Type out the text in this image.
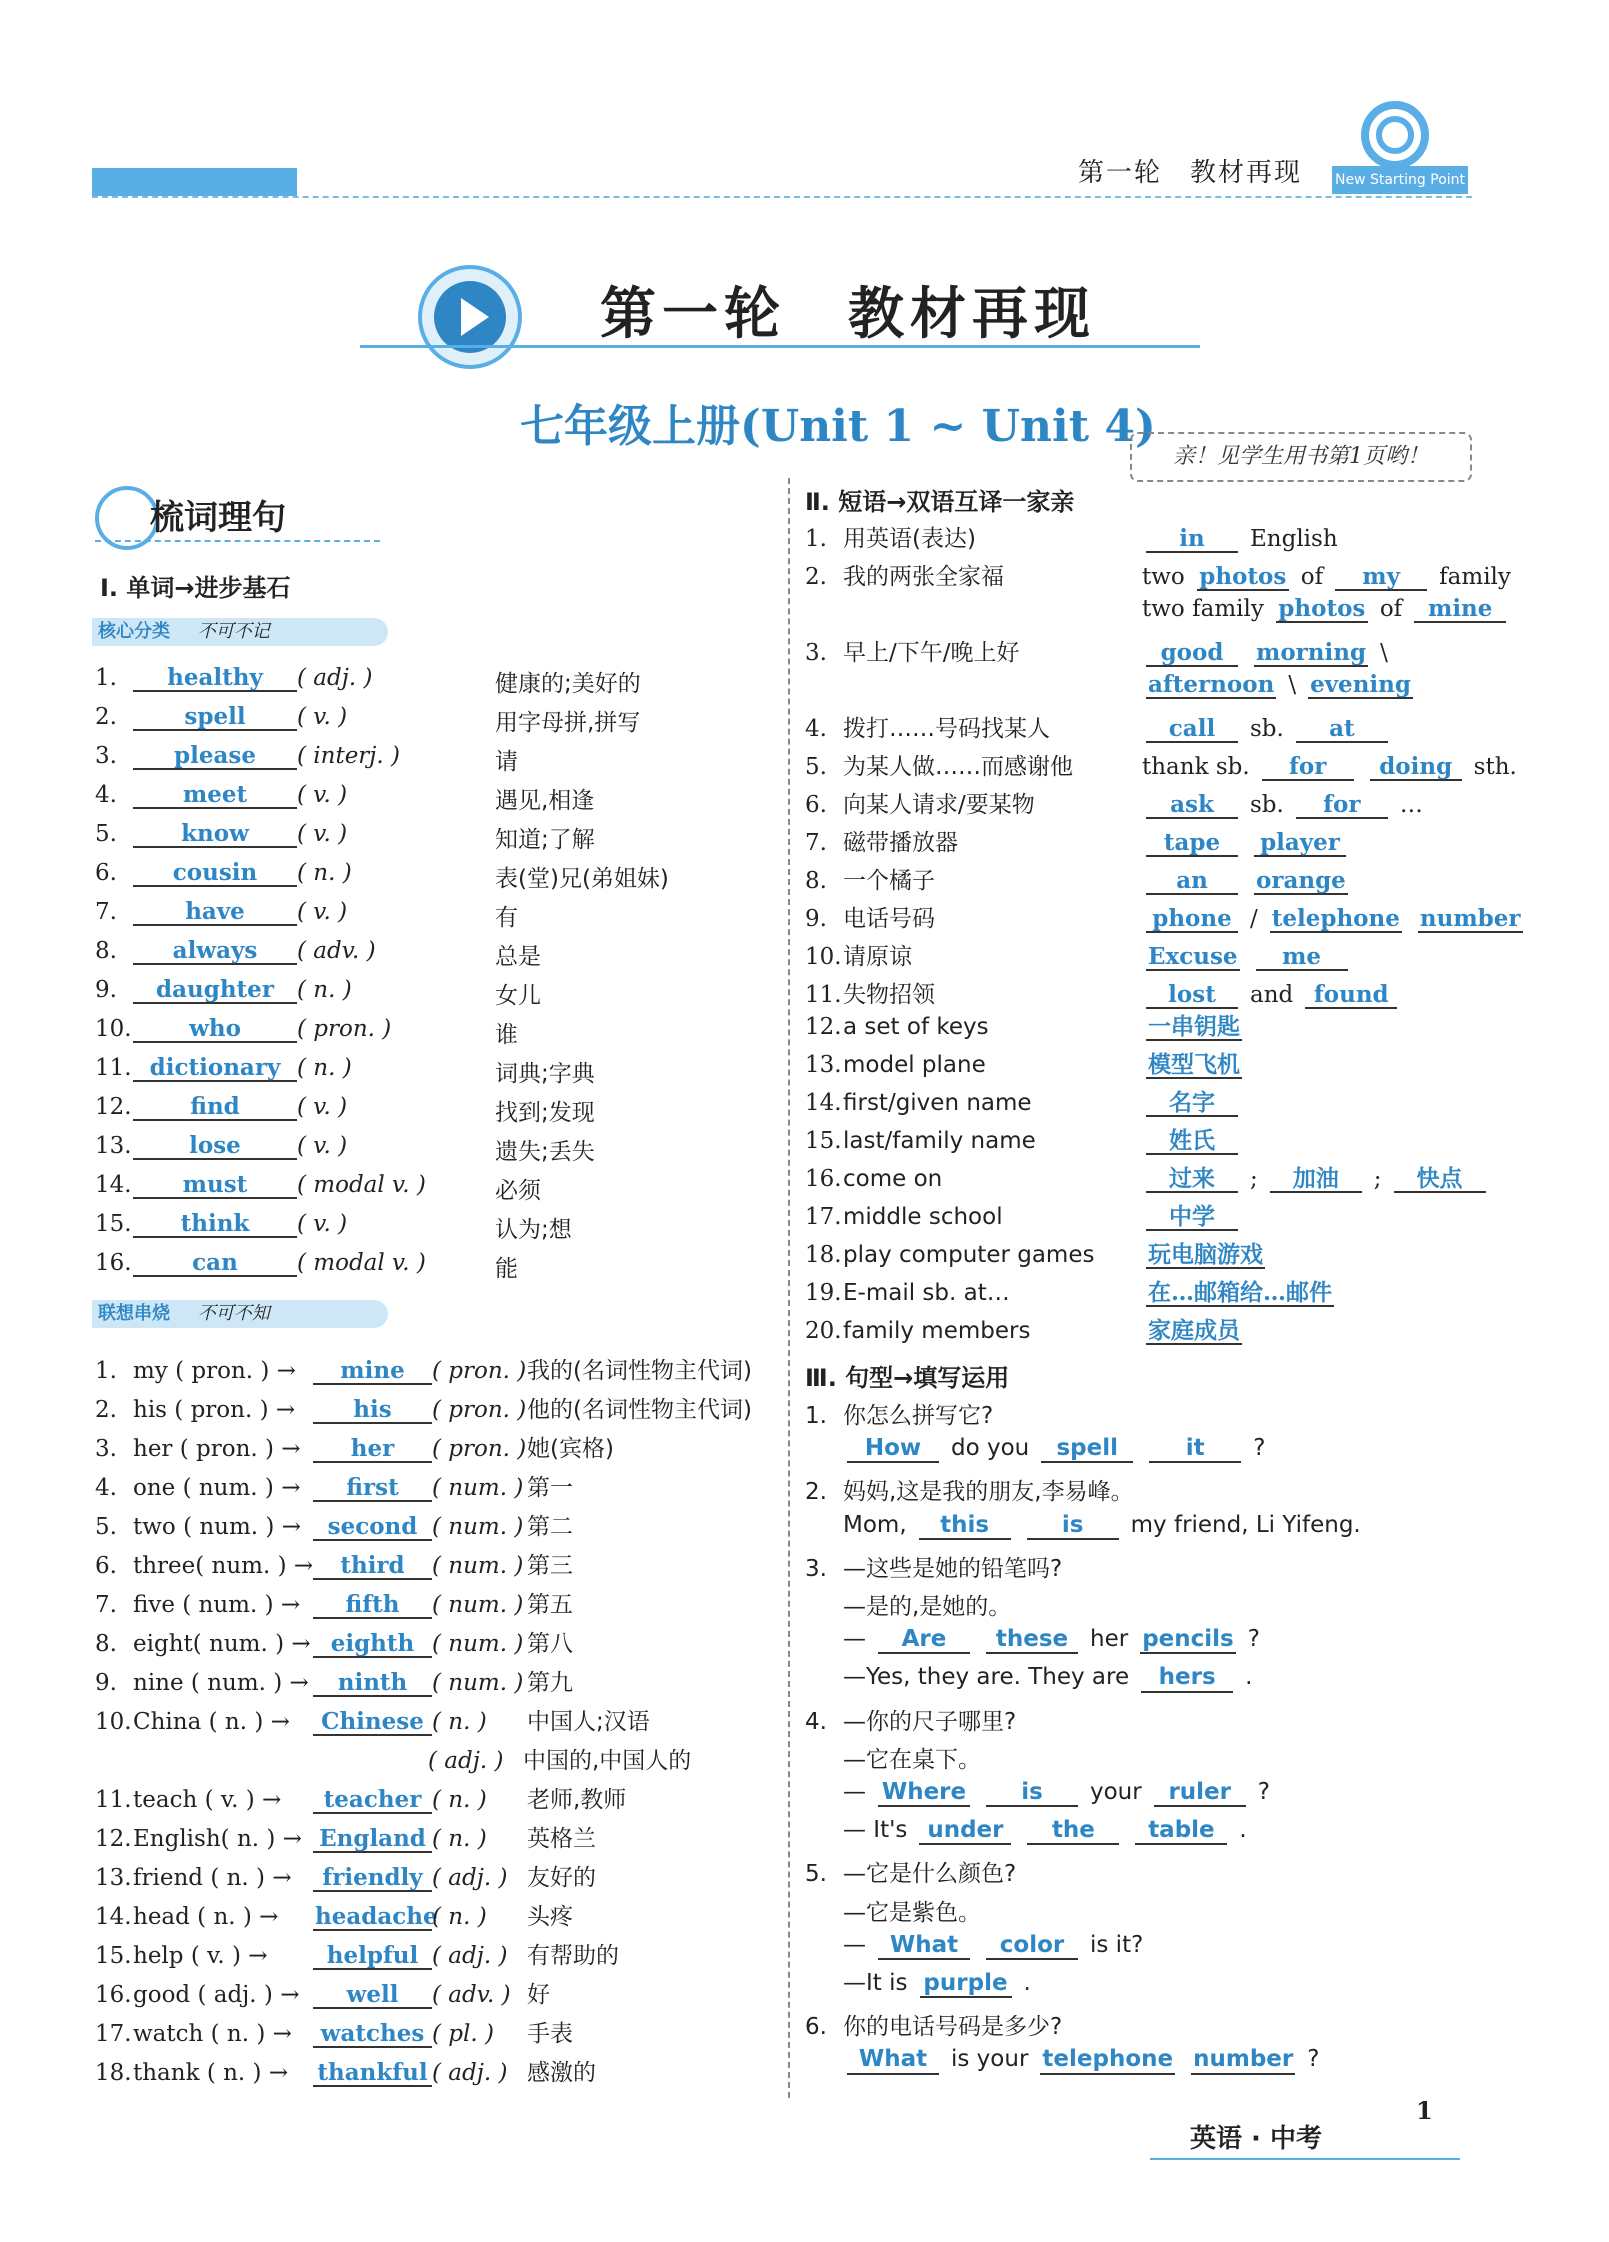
第一轮　教材再现 New Starting Point
第一轮　教材再现
七年级上册(Unit 1 ~ Unit 4)
亲！见学生用书第1页哟！
梳词理句
Ⅰ. 单词→进步基石
核心分类 不可不记
1. healthy ( adj. )	健康的;美好的
2.	spell ( v. )	用字母拼,拼写
3. please ( interj. )	请
4.	meet ( v. )	遇见,相逢
5.	know ( v. )	知道;了解
6. cousin ( n. )	表(堂)兄(弟姐妹)
7.	have ( v. )	有
8. always ( adv. )	总是
9. daughter ( n. )	女儿
10. who ( pron. )	谁
11. dictionary ( n. )	词典;字典
12.	find ( v. )	找到;发现
13.	lose ( v. )	遗失;丢失
14. must ( modal v. )	必须
15. think ( v. )	认为;想
16.	can	( modal v. )	能
联想串烧 不可不知
1. my ( pron. ) → mine ( pron. )我的(名词性物主代词)
2. his ( pron. ) →	his ( pron. )他的(名词性物主代词)
3. her ( pron. ) → her ( pron. )她(宾格)
4. one ( num. ) → first ( num. ) 第一
5. two ( num. ) → second ( num. ) 第二
6. three( num. ) → third ( num. ) 第三
7. five ( num. ) → fifth ( num. ) 第五
8. eight( num. ) → eighth ( num. ) 第八
9. nine ( num. ) → ninth ( num. ) 第九
10.China ( n. ) → Chinese ( n. ) 中国人;汉语
( adj. ) 中国的,中国人的
11.teach ( v. ) → teacher ( n. ) 老师,教师
12.English( n. ) → England ( n. ) 英格兰
13.friend ( n. ) → friendly ( adj. ) 友好的
14.head ( n. ) → headache( n. ) 头疼
15.help ( v. ) →	helpful ( adj. ) 有帮助的
16.good ( adj. ) → well ( adv. ) 好
17.watch ( n. ) → watches ( pl. ) 手表
18.thank ( n. ) → thankful ( adj. ) 感激的
Ⅱ. 短语→双语互译一家亲
1. 用英语(表达)	in English
2. 我的两张全家福	two photos of my family
two family photos of mine
3. 早上/下午/晚上好	good morning \
afternoon \ evening
4. 拨打……号码找某人	call sb. at
5. 为某人做……而感谢他	thank sb. for doing sth.
6. 向某人请求/要某物	ask sb. for …
7. 磁带播放器	tape player
8. 一个橘子	an orange
9. 电话号码	phone / telephone number
10.请原谅	Excuse me
11.失物招领	lost and found
12.a set of keys	一串钥匙
13.model plane	模型飞机
14.first/given name	名字
15.last/family name	姓氏
16.come on	过来 ; 加油 ; 快点
17.middle school	中学
18.play computer games 玩电脑游戏
19.E-mail sb. at…	在…邮箱给…邮件
20.family members	家庭成员
Ⅲ. 句型→填写运用
1. 你怎么拼写它?
How do you spell	it ?
2. 妈妈,这是我的朋友,李易峰。
Mom, this	is my friend, Li Yifeng.
3. —这些是她的铅笔吗?
—是的,是她的。
— Are these her pencils ?
—Yes, they are. They are hers .
4. —你的尺子哪里?
—它在桌下。
— Where is your ruler ?
— It's under the table .
5. —它是什么颜色?
—它是紫色。
— What color is it?
—It is purple .
6. 你的电话号码是多少?
What is your telephone number ?
英语 · 中考
1
